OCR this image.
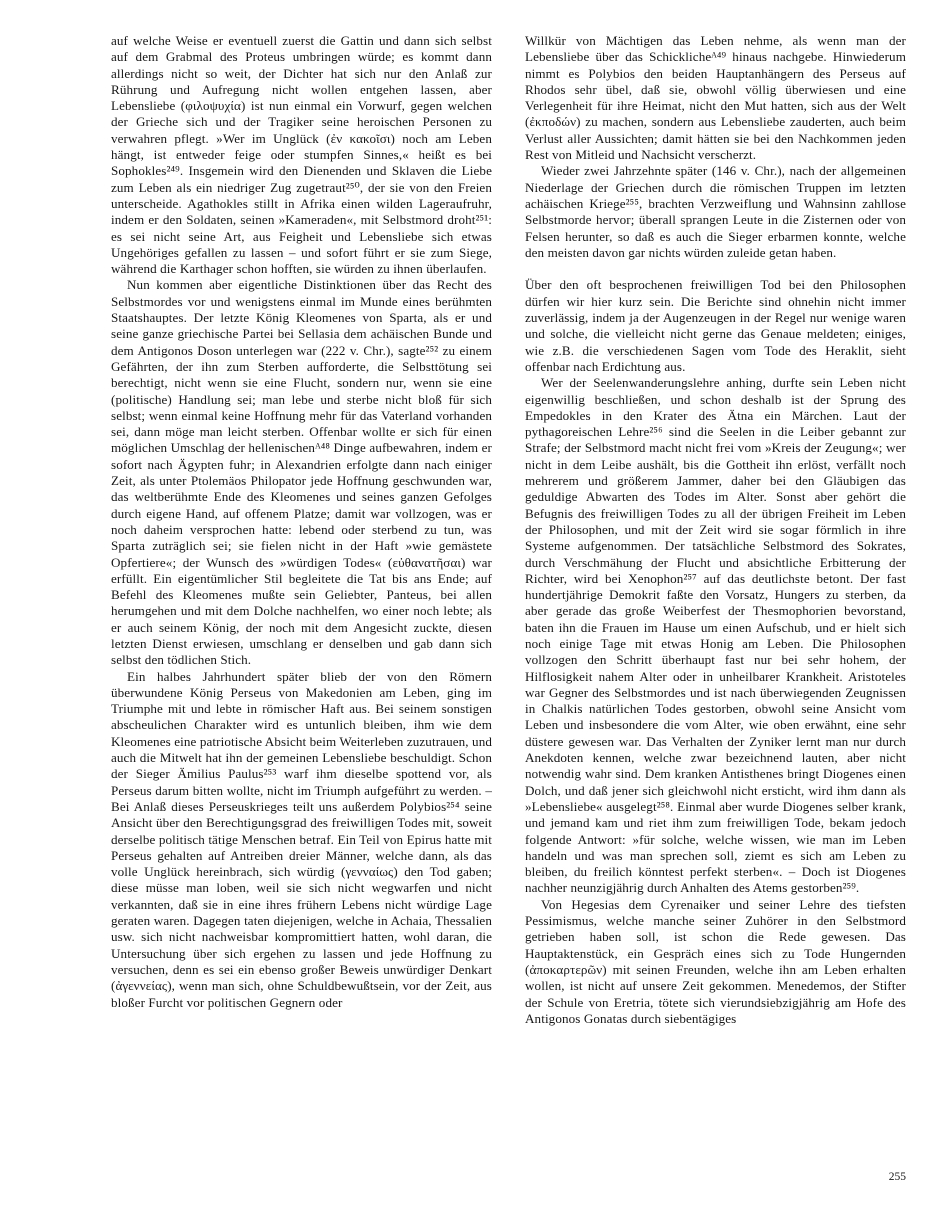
auf welche Weise er eventuell zuerst die Gattin und dann sich selbst auf dem Grabmal des Proteus umbringen würde; es kommt dann allerdings nicht so weit, der Dichter hat sich nur den Anlaß zur Rührung und Aufregung nicht wollen entgehen lassen, aber Lebensliebe (φιλοψυχία) ist nun einmal ein Vorwurf, gegen welchen der Grieche sich und der Tragiker seine heroischen Personen zu verwahren pflegt. »Wer im Unglück (ἐν κακοῖσι) noch am Leben hängt, ist entweder feige oder stumpfen Sinnes,« heißt es bei Sophokles²⁴⁹. Insgemein wird den Dienenden und Sklaven die Liebe zum Leben als ein niedriger Zug zugetraut²⁵⁰, der sie von den Freien unterscheide. Agathokles stillt in Afrika einen wilden Lageraufruhr, indem er den Soldaten, seinen »Kameraden«, mit Selbstmord droht²⁵¹: es sei nicht seine Art, aus Feigheit und Lebensliebe sich etwas Ungehöriges gefallen zu lassen – und sofort führt er sie zum Siege, während die Karthager schon hofften, sie würden zu ihnen überlaufen.

Nun kommen aber eigentliche Distinktionen über das Recht des Selbstmordes vor und wenigstens einmal im Munde eines berühmten Staatshauptes. Der letzte König Kleomenes von Sparta, als er und seine ganze griechische Partei bei Sellasia dem achäischen Bunde und dem Antigonos Doson unterlegen war (222 v. Chr.), sagte²⁵² zu einem Gefährten, der ihn zum Sterben aufforderte, die Selbsttötung sei berechtigt, nicht wenn sie eine Flucht, sondern nur, wenn sie eine (politische) Handlung sei; man lebe und sterbe nicht bloß für sich selbst; wenn einmal keine Hoffnung mehr für das Vaterland vorhanden sei, dann möge man leicht sterben. Offenbar wollte er sich für einen möglichen Umschlag der hellenischenᴬ⁴⁸ Dinge aufbewahren, indem er sofort nach Ägypten fuhr; in Alexandrien erfolgte dann nach einiger Zeit, als unter Ptolemäos Philopator jede Hoffnung geschwunden war, das weltberühmte Ende des Kleomenes und seines ganzen Gefolges durch eigene Hand, auf offenem Platze; damit war vollzogen, was er noch daheim versprochen hatte: lebend oder sterbend zu tun, was Sparta zuträglich sei; sie fielen nicht in der Haft »wie gemästete Opfertiere«; der Wunsch des »würdigen Todes« (εὐθανατῆσαι) war erfüllt. Ein eigentümlicher Stil begleitete die Tat bis ans Ende; auf Befehl des Kleomenes mußte sein Geliebter, Panteus, bei allen herumgehen und mit dem Dolche nachhelfen, wo einer noch lebte; als er auch seinem König, der noch mit dem Angesicht zuckte, diesen letzten Dienst erwiesen, umschlang er denselben und gab dann sich selbst den tödlichen Stich.

Ein halbes Jahrhundert später blieb der von den Römern überwundene König Perseus von Makedonien am Leben, ging im Triumphe mit und lebte in römischer Haft aus. Bei seinem sonstigen abscheulichen Charakter wird es untunlich bleiben, ihm wie dem Kleomenes eine patriotische Absicht beim Weiterleben zuzutrauen, und auch die Mitwelt hat ihn der gemeinen Lebensliebe beschuldigt. Schon der Sieger Ämilius Paulus²⁵³ warf ihm dieselbe spottend vor, als Perseus darum bitten wollte, nicht im Triumph aufgeführt zu werden. – Bei Anlaß dieses Perseuskrieges teilt uns außerdem Polybios²⁵⁴ seine Ansicht über den Berechtigungsgrad des freiwilligen Todes mit, soweit derselbe politisch tätige Menschen betraf. Ein Teil von Epirus hatte mit Perseus gehalten auf Antreiben dreier Männer, welche dann, als das volle Unglück hereinbrach, sich würdig (γενναίως) den Tod gaben; diese müsse man loben, weil sie sich nicht wegwarfen und nicht verkannten, daß sie in eine ihres frühern Lebens nicht würdige Lage geraten waren. Dagegen taten diejenigen, welche in Achaia, Thessalien usw. sich nicht nachweisbar kompromittiert hatten, wohl daran, die Untersuchung über sich ergehen zu lassen und jede Hoffnung zu versuchen, denn es sei ein ebenso großer Beweis unwürdiger Denkart (ἀγεννείας), wenn man sich, ohne Schuldbewußtsein, vor der Zeit, aus bloßer Furcht vor politischen Gegnern oder

Willkür von Mächtigen das Leben nehme, als wenn man der Lebensliebe über das Schicklicheᴬ⁴⁹ hinaus nachgebe. Hinwiederum nimmt es Polybios den beiden Hauptanhängern des Perseus auf Rhodos sehr übel, daß sie, obwohl völlig überwiesen und eine Verlegenheit für ihre Heimat, nicht den Mut hatten, sich aus der Welt (ἐκποδών) zu machen, sondern aus Lebensliebe zauderten, auch beim Verlust aller Aussichten; damit hätten sie bei den Nachkommen jeden Rest von Mitleid und Nachsicht verscherzt.

Wieder zwei Jahrzehnte später (146 v. Chr.), nach der allgemeinen Niederlage der Griechen durch die römischen Truppen im letzten achäischen Kriege²⁵⁵, brachten Verzweiflung und Wahnsinn zahllose Selbstmorde hervor; überall sprangen Leute in die Zisternen oder von Felsen herunter, so daß es auch die Sieger erbarmen konnte, welche den meisten davon gar nichts würden zuleide getan haben.

Über den oft besprochenen freiwilligen Tod bei den Philosophen dürfen wir hier kurz sein. Die Berichte sind ohnehin nicht immer zuverlässig, indem ja der Augenzeugen in der Regel nur wenige waren und solche, die vielleicht nicht gerne das Genaue meldeten; einiges, wie z.B. die verschiedenen Sagen vom Tode des Heraklit, sieht offenbar nach Erdichtung aus.

Wer der Seelenwanderungslehre anhing, durfte sein Leben nicht eigenwillig beschließen, und schon deshalb ist der Sprung des Empedokles in den Krater des Ätna ein Märchen. Laut der pythagoreischen Lehre²⁵⁶ sind die Seelen in die Leiber gebannt zur Strafe; der Selbstmord macht nicht frei vom »Kreis der Zeugung«; wer nicht in dem Leibe aushält, bis die Gottheit ihn erlöst, verfällt noch mehrerem und größerem Jammer, daher bei den Gläubigen das geduldige Abwarten des Todes im Alter. Sonst aber gehört die Befugnis des freiwilligen Todes zu all der übrigen Freiheit im Leben der Philosophen, und mit der Zeit wird sie sogar förmlich in ihre Systeme aufgenommen. Der tatsächliche Selbstmord des Sokrates, durch Verschmähung der Flucht und absichtliche Erbitterung der Richter, wird bei Xenophon²⁵⁷ auf das deutlichste betont. Der fast hundertjährige Demokrit faßte den Vorsatz, Hungers zu sterben, da aber gerade das große Weiberfest der Thesmophorien bevorstand, baten ihn die Frauen im Hause um einen Aufschub, und er hielt sich noch einige Tage mit etwas Honig am Leben. Die Philosophen vollzogen den Schritt überhaupt fast nur bei sehr hohem, der Hilflosigkeit nahem Alter oder in unheilbarer Krankheit. Aristoteles war Gegner des Selbstmordes und ist nach überwiegenden Zeugnissen in Chalkis natürlichen Todes gestorben, obwohl seine Ansicht vom Leben und insbesondere die vom Alter, wie oben erwähnt, eine sehr düstere gewesen war. Das Verhalten der Zyniker lernt man nur durch Anekdoten kennen, welche zwar bezeichnend lauten, aber nicht notwendig wahr sind. Dem kranken Antisthenes bringt Diogenes einen Dolch, und daß jener sich gleichwohl nicht ersticht, wird ihm dann als »Lebensliebe« ausgelegt²⁵⁸. Einmal aber wurde Diogenes selber krank, und jemand kam und riet ihm zum freiwilligen Tode, bekam jedoch folgende Antwort: »für solche, welche wissen, wie man im Leben handeln und was man sprechen soll, ziemt es sich am Leben zu bleiben, du freilich könntest perfekt sterben«. – Doch ist Diogenes nachher neunzigjährig durch Anhalten des Atems gestorben²⁵⁹.

Von Hegesias dem Cyrenaiker und seiner Lehre des tiefsten Pessimismus, welche manche seiner Zuhörer in den Selbstmord getrieben haben soll, ist schon die Rede gewesen. Das Hauptaktenstück, ein Gespräch eines sich zu Tode Hungernden (ἀποκαρτερῶν) mit seinen Freunden, welche ihn am Leben erhalten wollen, ist nicht auf unsere Zeit gekommen. Menedemos, der Stifter der Schule von Eretria, tötete sich vierundsiebzigjährig am Hofe des Antigonos Gonatas durch siebentägiges

255
